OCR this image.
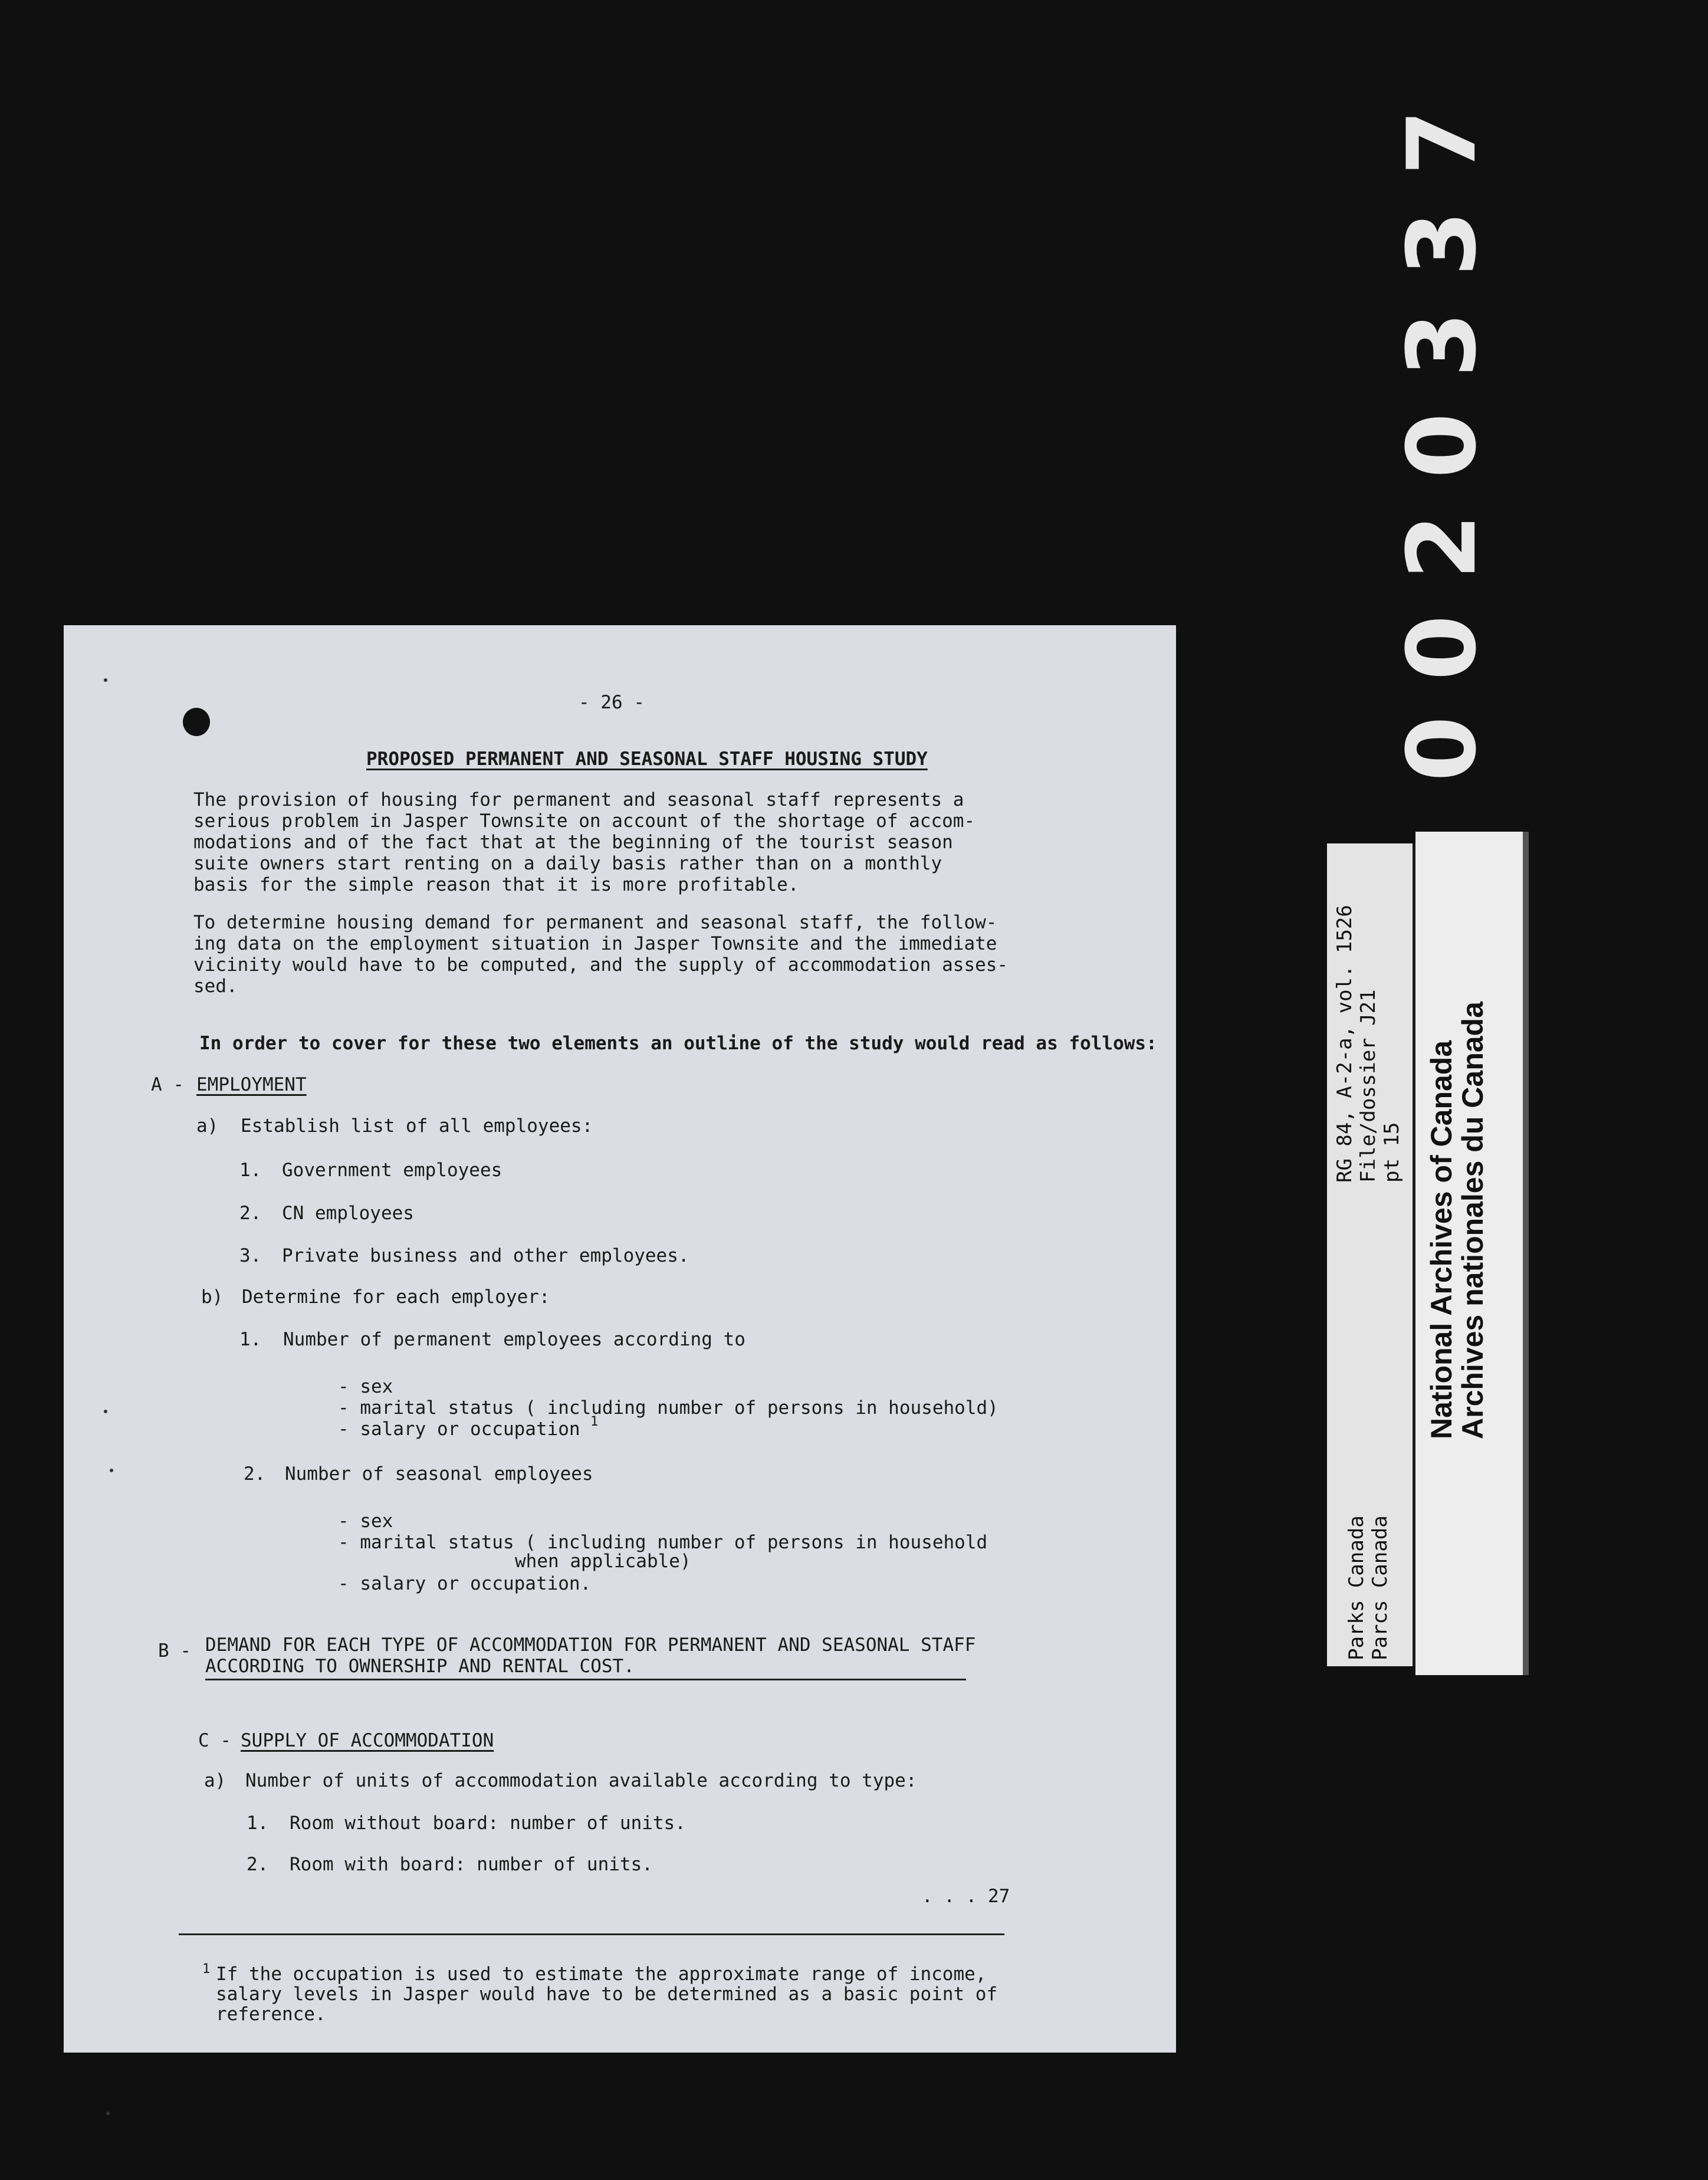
0020337
Parks Canada Parcs Canada
RG 84, A-2-a, vol. 1526 File/dossier J21 pt 15 National Archives of Canada
Archives nationales du Canada
- 26 -
PROPOSED PERMANENT AND SEASONAL STAFF HOUSING STUDY
The provision of housing for permanent and seasonal staff represents a
serious problem in Jasper Townsite on account of the shortage of accom-
modations and of the fact that at the beginning of the tourist season
suite owners start renting on a daily basis rather than on a monthly
basis for the simple reason that it is more profitable.
To determine housing demand for permanent and seasonal staff, the follow-
ing data on the employment situation in Jasper Townsite and the immediate
vicinity would have to be computed, and the supply of accommodation asses-
sed.
In order to cover for these two elements an outline of the study would read as follows:
A - EMPLOYMENT
a) Establish list of all employees:
1. Government employees
2. CN employees
3. Private business and other employees.
b) Determine for each employer:
1. Number of permanent employees according to
- sex
- marital status ( including number of persons in household)
- salary or occupation 1
2. Number of seasonal employees
- sex
- marital status ( including number of persons in household
when applicable)
- salary or occupation.
B - DEMAND FOR EACH TYPE OF ACCOMMODATION FOR PERMANENT AND SEASONAL STAFF
ACCORDING TO OWNERSHIP AND RENTAL COST.
C - SUPPLY OF ACCOMMODATION
a) Number of units of accommodation available according to type:
1. Room without board: number of units.
2. Room with board: number of units.
. . . 27
1 If the occupation is used to estimate the approximate range of income,
salary levels in Jasper would have to be determined as a basic point of
reference.
